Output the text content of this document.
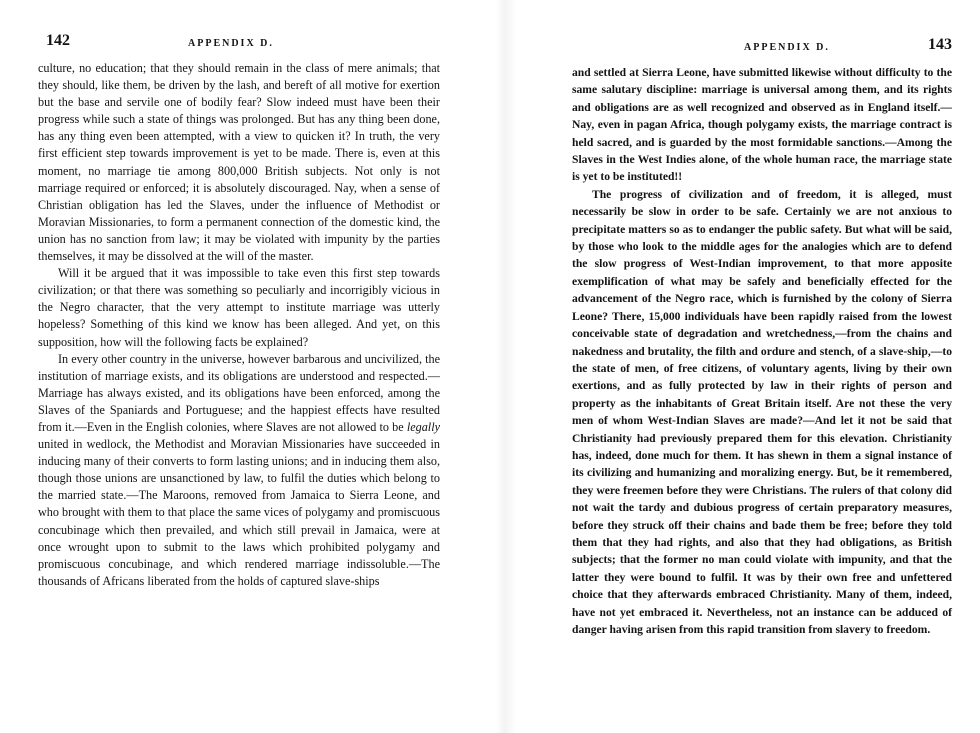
142	APPENDIX D.

culture, no education; that they should remain in the class of mere animals; that they should, like them, be driven by the lash, and bereft of all motive for exertion but the base and servile one of bodily fear? Slow indeed must have been their progress while such a state of things was prolonged. But has any thing been done, has any thing even been attempted, with a view to quicken it? In truth, the very first efficient step towards improvement is yet to be made. There is, even at this moment, no marriage tie among 800,000 British subjects. Not only is not marriage required or enforced; it is absolutely discouraged. Nay, when a sense of Christian obligation has led the Slaves, under the influence of Methodist or Moravian Missionaries, to form a permanent connection of the domestic kind, the union has no sanction from law; it may be violated with impunity by the parties themselves, it may be dissolved at the will of the master.

Will it be argued that it was impossible to take even this first step towards civilization; or that there was something so peculiarly and incorrigibly vicious in the Negro character, that the very attempt to institute marriage was utterly hopeless? Something of this kind we know has been alleged. And yet, on this supposition, how will the following facts be explained?

In every other country in the universe, however barbarous and uncivilized, the institution of marriage exists, and its obligations are understood and respected.—Marriage has always existed, and its obligations have been enforced, among the Slaves of the Spaniards and Portuguese; and the happiest effects have resulted from it.—Even in the English colonies, where Slaves are not allowed to be legally united in wedlock, the Methodist and Moravian Missionaries have succeeded in inducing many of their converts to form lasting unions; and in inducing them also, though those unions are unsanctioned by law, to fulfil the duties which belong to the married state.—The Maroons, removed from Jamaica to Sierra Leone, and who brought with them to that place the same vices of polygamy and promiscuous concubinage which then prevailed, and which still prevail in Jamaica, were at once wrought upon to submit to the laws which prohibited polygamy and promiscuous concubinage, and which rendered marriage indissoluble.—The thousands of Africans liberated from the holds of captured slave-ships

APPENDIX D.	143

and settled at Sierra Leone, have submitted likewise without difficulty to the same salutary discipline: marriage is universal among them, and its rights and obligations are as well recognized and observed as in England itself.—Nay, even in pagan Africa, though polygamy exists, the marriage contract is held sacred, and is guarded by the most formidable sanctions.—Among the Slaves in the West Indies alone, of the whole human race, the marriage state is yet to be instituted!!

The progress of civilization and of freedom, it is alleged, must necessarily be slow in order to be safe. Certainly we are not anxious to precipitate matters so as to endanger the public safety. But what will be said, by those who look to the middle ages for the analogies which are to defend the slow progress of West-Indian improvement, to that more apposite exemplification of what may be safely and beneficially effected for the advancement of the Negro race, which is furnished by the colony of Sierra Leone? There, 15,000 individuals have been rapidly raised from the lowest conceivable state of degradation and wretchedness,—from the chains and nakedness and brutality, the filth and ordure and stench, of a slave-ship,—to the state of men, of free citizens, of voluntary agents, living by their own exertions, and as fully protected by law in their rights of person and property as the inhabitants of Great Britain itself. Are not these the very men of whom West-Indian Slaves are made?—And let it not be said that Christianity had previously prepared them for this elevation. Christianity has, indeed, done much for them. It has shewn in them a signal instance of its civilizing and humanizing and moralizing energy. But, be it remembered, they were freemen before they were Christians. The rulers of that colony did not wait the tardy and dubious progress of certain preparatory measures, before they struck off their chains and bade them be free; before they told them that they had rights, and also that they had obligations, as British subjects; that the former no man could violate with impunity, and that the latter they were bound to fulfil. It was by their own free and unfettered choice that they afterwards embraced Christianity. Many of them, indeed, have not yet embraced it. Nevertheless, not an instance can be adduced of danger having arisen from this rapid transition from slavery to freedom.
